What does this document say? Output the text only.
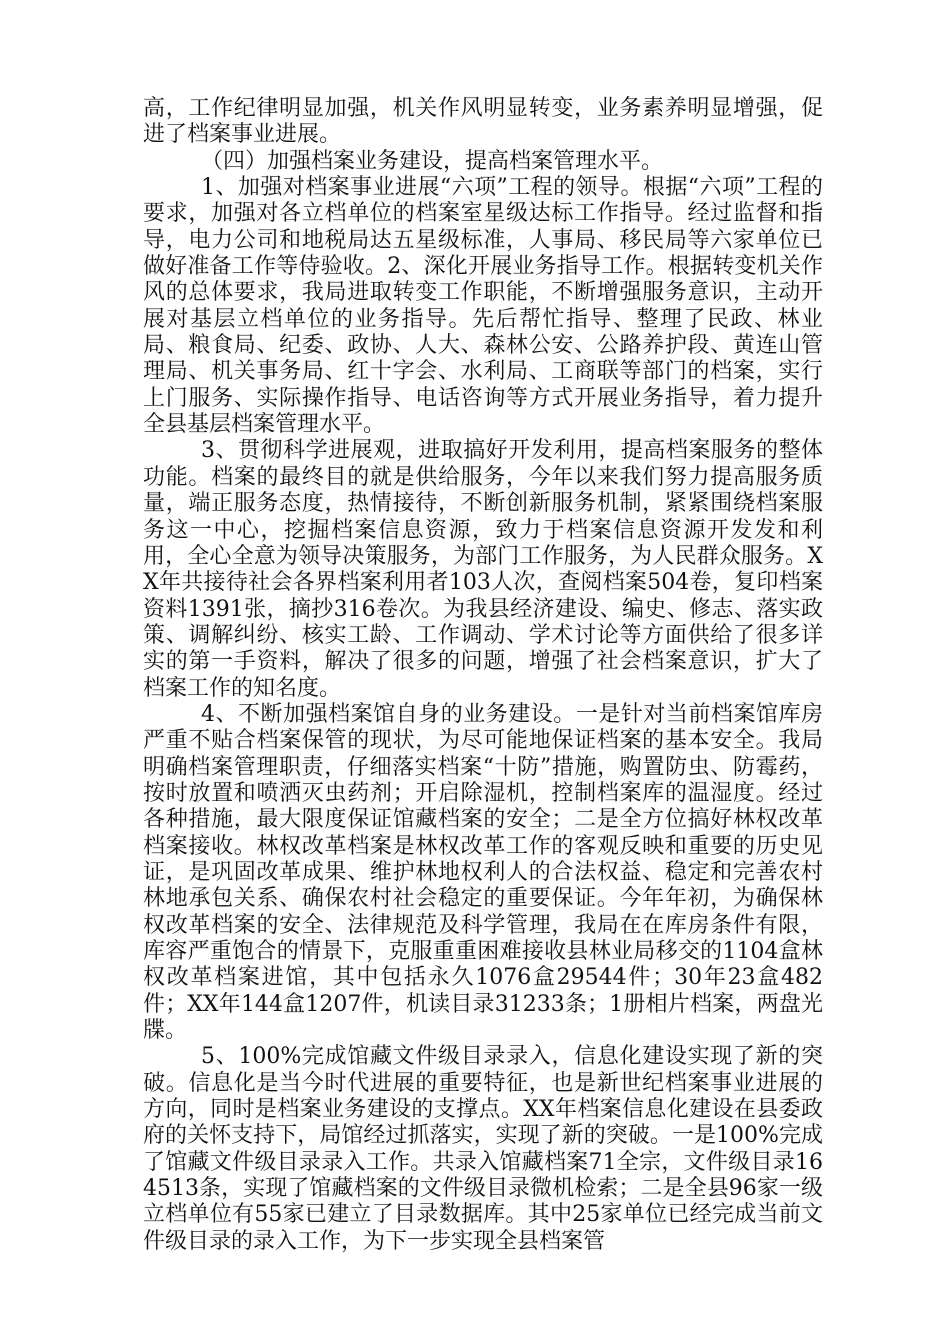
高，工作纪律明显加强，机关作风明显转变，业务素养明显增强，促进了档案事业进展。

（四）加强档案业务建设，提高档案管理水平。

1、加强对档案事业进展“六项”工程的领导。根据“六项”工程的要求，加强对各立档单位的档案室星级达标工作指导。经过监督和指导，电力公司和地税局达五星级标准，人事局、移民局等六家单位已做好准备工作等侍验收。2、深化开展业务指导工作。根据转变机关作风的总体要求，我局进取转变工作职能，不断增强服务意识，主动开展对基层立档单位的业务指导。先后帮忙指导、整理了民政、林业局、粮食局、纪委、政协、人大、森林公安、公路养护段、黄连山管理局、机关事务局、红十字会、水利局、工商联等部门的档案，实行上门服务、实际操作指导、电话咨询等方式开展业务指导，着力提升全县基层档案管理水平。

3、贯彻科学进展观，进取搞好开发利用，提高档案服务的整体功能。档案的最终目的就是供给服务，今年以来我们努力提高服务质量，端正服务态度，热情接待，不断创新服务机制，紧紧围绕档案服务这一中心，挖掘档案信息资源，致力于档案信息资源开发发和利用，全心全意为领导决策服务，为部门工作服务，为人民群众服务。XX年共接待社会各界档案利用者103人次，查阅档案504卷，复印档案资料1391张，摘抄316卷次。为我县经济建设、编史、修志、落实政策、调解纠纷、核实工龄、工作调动、学术讨论等方面供给了很多详实的第一手资料，解决了很多的问题，增强了社会档案意识，扩大了档案工作的知名度。

4、不断加强档案馆自身的业务建设。一是针对当前档案馆库房严重不贴合档案保管的现状，为尽可能地保证档案的基本安全。我局明确档案管理职责，仔细落实档案“十防”措施，购置防虫、防霉药，按时放置和喷洒灭虫药剂；开启除湿机，控制档案库的温湿度。经过各种措施，最大限度保证馆藏档案的安全；二是全方位搞好林权改革档案接收。林权改革档案是林权改革工作的客观反映和重要的历史见证，是巩固改革成果、维护林地权利人的合法权益、稳定和完善农村林地承包关系、确保农村社会稳定的重要保证。今年年初，为确保林权改革档案的安全、法律规范及科学管理，我局在在库房条件有限，库容严重饱合的情景下，克服重重困难接收县林业局移交的1104盒林权改革档案进馆，其中包括永久1076盒29544件；30年23盒482件；XX年144盒1207件，机读目录31233条；1册相片档案，两盘光牒。

5、100%完成馆藏文件级目录录入，信息化建设实现了新的突破。信息化是当今时代进展的重要特征，也是新世纪档案事业进展的方向，同时是档案业务建设的支撑点。XX年档案信息化建设在县委政府的关怀支持下，局馆经过抓落实，实现了新的突破。一是100%完成了馆藏文件级目录录入工作。共录入馆藏档案71全宗，文件级目录164513条，实现了馆藏档案的文件级目录微机检索；二是全县96家一级立档单位有55家已建立了目录数据库。其中25家单位已经完成当前文件级目录的录入工作，为下一步实现全县档案管
